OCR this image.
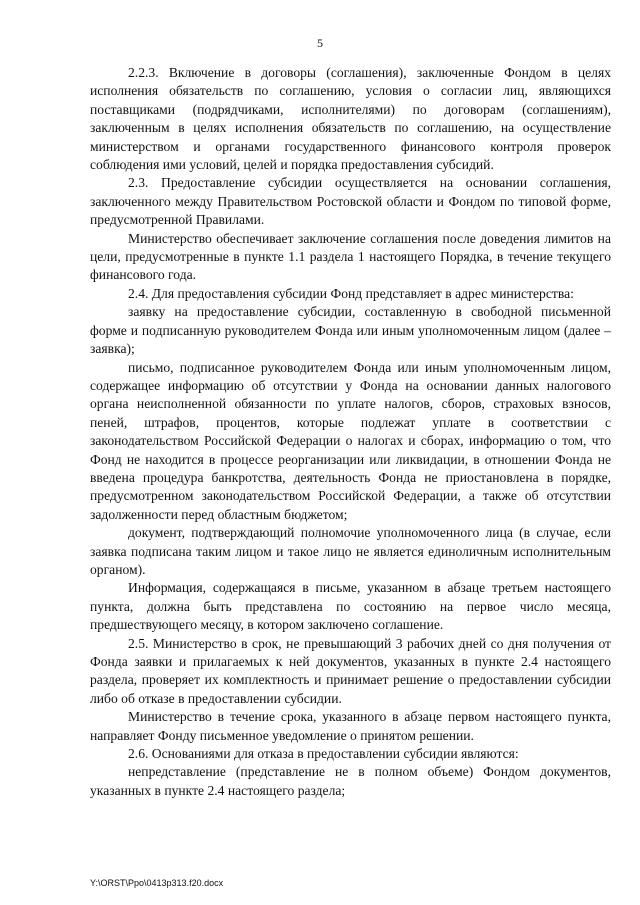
5

2.2.3. Включение в договоры (соглашения), заключенные Фондом в целях исполнения обязательств по соглашению, условия о согласии лиц, являющихся поставщиками (подрядчиками, исполнителями) по договорам (соглашениям), заключенным в целях исполнения обязательств по соглашению, на осуществление министерством и органами государственного финансового контроля проверок соблюдения ими условий, целей и порядка предоставления субсидий.

2.3. Предоставление субсидии осуществляется на основании соглашения, заключенного между Правительством Ростовской области и Фондом по типовой форме, предусмотренной Правилами.

Министерство обеспечивает заключение соглашения после доведения лимитов на цели, предусмотренные в пункте 1.1 раздела 1 настоящего Порядка, в течение текущего финансового года.

2.4. Для предоставления субсидии Фонд представляет в адрес министерства:

заявку на предоставление субсидии, составленную в свободной письменной форме и подписанную руководителем Фонда или иным уполномоченным лицом (далее – заявка);

письмо, подписанное руководителем Фонда или иным уполномоченным лицом, содержащее информацию об отсутствии у Фонда на основании данных налогового органа неисполненной обязанности по уплате налогов, сборов, страховых взносов, пеней, штрафов, процентов, которые подлежат уплате в соответствии с законодательством Российской Федерации о налогах и сборах, информацию о том, что Фонд не находится в процессе реорганизации или ликвидации, в отношении Фонда не введена процедура банкротства, деятельность Фонда не приостановлена в порядке, предусмотренном законодательством Российской Федерации, а также об отсутствии задолженности перед областным бюджетом;

документ, подтверждающий полномочие уполномоченного лица (в случае, если заявка подписана таким лицом и такое лицо не является единоличным исполнительным органом).

Информация, содержащаяся в письме, указанном в абзаце третьем настоящего пункта, должна быть представлена по состоянию на первое число месяца, предшествующего месяцу, в котором заключено соглашение.

2.5. Министерство в срок, не превышающий 3 рабочих дней со дня получения от Фонда заявки и прилагаемых к ней документов, указанных в пункте 2.4 настоящего раздела, проверяет их комплектность и принимает решение о предоставлении субсидии либо об отказе в предоставлении субсидии.

Министерство в течение срока, указанного в абзаце первом настоящего пункта, направляет Фонду письменное уведомление о принятом решении.

2.6. Основаниями для отказа в предоставлении субсидии являются:

непредставление (представление не в полном объеме) Фондом документов, указанных в пункте 2.4 настоящего раздела;

Y:\ORST\Ppo\0413p313.f20.docx
